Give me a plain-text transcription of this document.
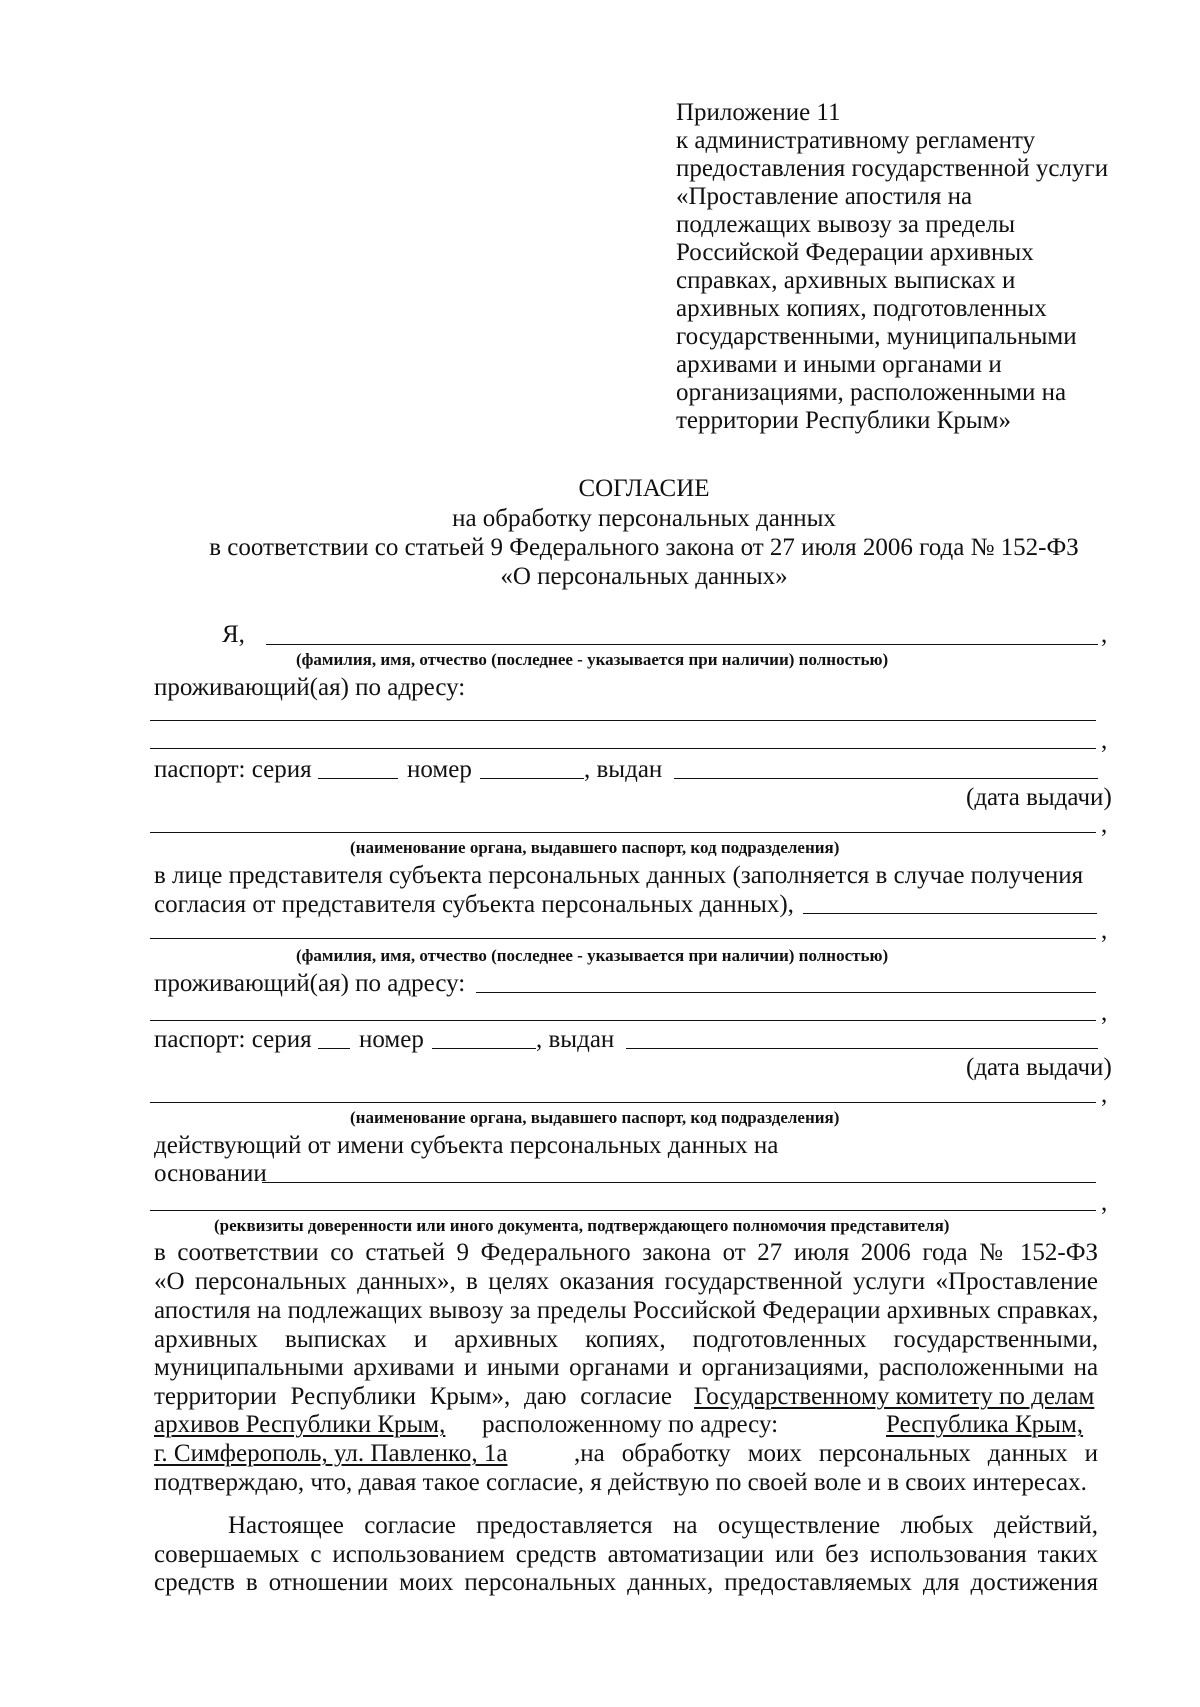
Приложение 11
к административному регламенту
предоставления государственной услуги
«Проставление апостиля на
подлежащих вывозу за пределы
Российской Федерации архивных
справках, архивных выписках и
архивных копиях, подготовленных
государственными, муниципальными
архивами и иными органами и
организациями, расположенными на
территории Республики Крым»
СОГЛАСИЕ
на обработку персональных данных
в соответствии со статьей 9 Федерального закона от 27 июля 2006 года № 152-ФЗ
«О персональных данных»
Я,	,
(фамилия, имя, отчество (последнее - указывается при наличии) полностью)
проживающий(ая) по адресу:
,
паспорт: серия	номер	, выдан
(дата выдачи)
,
(наименование органа, выдавшего паспорт, код подразделения)
в лице представителя субъекта персональных данных (заполняется в случае получения
согласия от представителя субъекта персональных данных),
,
(фамилия, имя, отчество (последнее - указывается при наличии) полностью)
проживающий(ая) по адресу:
,
паспорт: серия номер	, выдан
(дата выдачи)
,
(наименование органа, выдавшего паспорт, код подразделения)
действующий от имени субъекта персональных данных на
основании
,
(реквизиты доверенности или иного документа, подтверждающего полномочия представителя)
в соответствии со статьей 9 Федерального закона от 27 июля 2006 года № 152-ФЗ
«О персональных данных», в целях оказания государственной услуги «Проставление
апостиля на подлежащих вывозу за пределы Российской Федерации архивных справках,
архивных выписках и архивных копиях, подготовленных государственными,
муниципальными архивами и иными органами и организациями, расположенными на
территории Республики Крым», даю согласие Государственному комитету по делам
архивов Республики Крым, расположенному по адресу:	Республика Крым,
г. Симферополь, ул. Павленко, 1а	,на обработку моих персональных данных и
подтверждаю, что, давая такое согласие, я действую по своей воле и в своих интересах.
Настоящее согласие предоставляется на осуществление любых действий,
совершаемых с использованием средств автоматизации или без использования таких
средств в отношении моих персональных данных, предоставляемых для достижения
